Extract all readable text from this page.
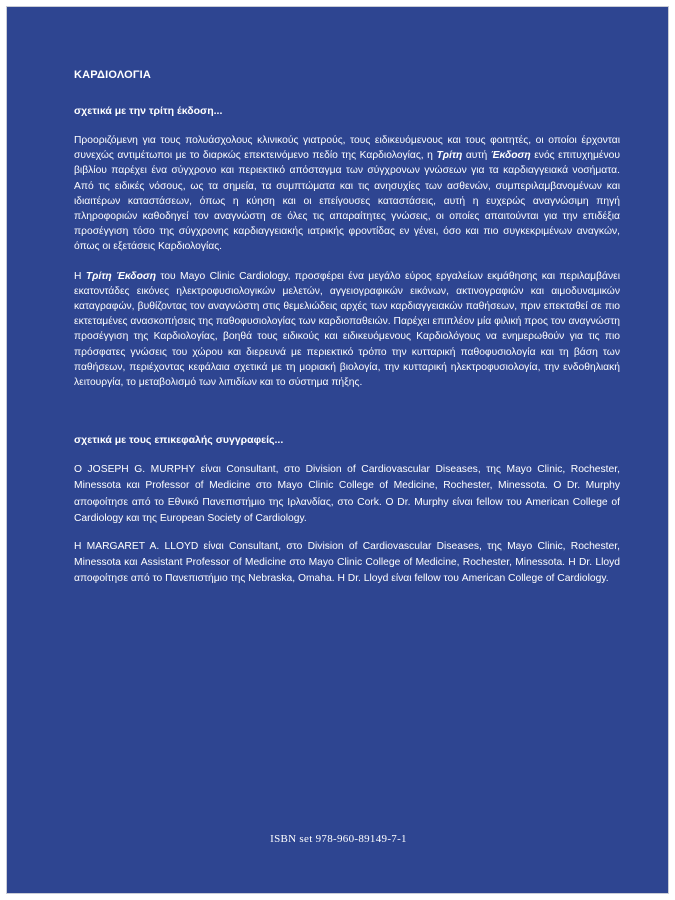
ΚΑΡΔΙΟΛΟΓΙΑ
σχετικά με την τρίτη έκδοση...

Προοριζόμενη για τους πολυάσχολους κλινικούς γιατρούς, τους ειδικευόμενους και τους φοιτητές, οι οποίοι έρχονται συνεχώς αντιμέτωποι με το διαρκώς επεκτεινόμενο πεδίο της Καρδιολογίας, η Τρίτη αυτή Έκδοση ενός επιτυχημένου βιβλίου παρέχει ένα σύγχρονο και περιεκτικό απόσταγμα των σύγχρονων γνώσεων για τα καρδιαγγειακά νοσήματα. Από τις ειδικές νόσους, ως τα σημεία, τα συμπτώματα και τις ανησυχίες των ασθενών, συμπεριλαμβανομένων και ιδιαιτέρων καταστάσεων, όπως η κύηση και οι επείγουσες καταστάσεις, αυτή η ευχερώς αναγνώσιμη πηγή πληροφοριών καθοδηγεί τον αναγνώστη σε όλες τις απαραίτητες γνώσεις, οι οποίες απαιτούνται για την επιδέξια προσέγγιση τόσο της σύγχρονης καρδιαγγειακής ιατρικής φροντίδας εν γένει, όσο και πιο συγκεκριμένων αναγκών, όπως οι εξετάσεις Καρδιολογίας.

Η Τρίτη Έκδοση του Mayo Clinic Cardiology, προσφέρει ένα μεγάλο εύρος εργαλείων εκμάθησης και περιλαμβάνει εκατοντάδες εικόνες ηλεκτροφυσιολογικών μελετών, αγγειογραφικών εικόνων, ακτινογραφιών και αιμοδυναμικών καταγραφών, βυθίζοντας τον αναγνώστη στις θεμελιώδεις αρχές των καρδιαγγειακών παθήσεων, πριν επεκταθεί σε πιο εκτεταμένες ανασκοπήσεις της παθοφυσιολογίας των καρδιοπαθειών. Παρέχει επιπλέον μία φιλική προς τον αναγνώστη προσέγγιση της Καρδιολογίας, βοηθά τους ειδικούς και ειδικευόμενους Καρδιολόγους να ενημερωθούν για τις πιο πρόσφατες γνώσεις του χώρου και διερευνά με περιεκτικό τρόπο την κυτταρική παθοφυσιολογία και τη βάση των παθήσεων, περιέχοντας κεφάλαια σχετικά με τη μοριακή βιολογία, την κυτταρική ηλεκτροφυσιολογία, την ενδοθηλιακή λειτουργία, το μεταβολισμό των λιπιδίων και το σύστημα πήξης.

σχετικά με τους επικεφαλής συγγραφείς...

Ο JOSEPH G. MURPHY είναι Consultant, στο Division of Cardiovascular Diseases, της Mayo Clinic, Rochester, Minessota και Professor of Medicine στο Mayo Clinic College of Medicine, Rochester, Minessota. O Dr. Murphy αποφοίτησε από το Εθνικό Πανεπιστήμιο της Ιρλανδίας, στο Cork. O Dr. Murphy είναι fellow του American College of Cardiology και της European Society of Cardiology.

Η MARGARET A. LLOYD είναι Consultant, στο Division of Cardiovascular Diseases, της Mayo Clinic, Rochester, Minessota και Assistant Professor of Medicine στο Mayo Clinic College of Medicine, Rochester, Minessota. Η Dr. Lloyd αποφοίτησε από το Πανεπιστήμιο της Nebraska, Omaha. Η Dr. Lloyd είναι fellow του American College of Cardiology.

ISBN set 978-960-89149-7-1
